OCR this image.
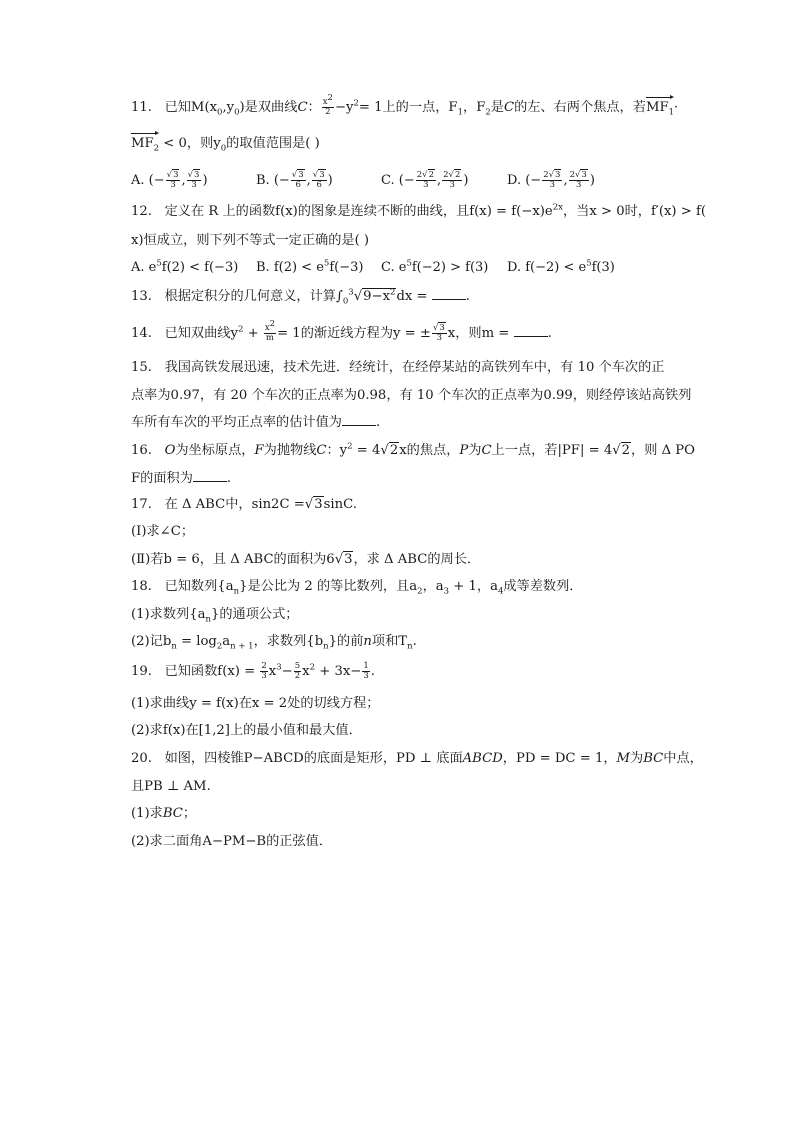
11. 已知$M(x_0,y_0)$是双曲线C： $\frac{x^2}{2} -y^2= 1$上的一点，$F_1$，$F_2$是C的左、右两个焦点，若$MF_1\cdot$
$MF_2 < 0$，则$y_0$的取值范围是( )
A. (− $\frac{√3}{3}$ , $\frac{√3}{3}$ )	B. (− $\frac{√3}{6}$ , $\frac{√3}{6}$ )	C. (− $\frac{2√2}{3}$ , $\frac{2√2}{3}$ )	D. (− $\frac{2√3}{3}$ , $\frac{2√3}{3}$ )
12. 定义在 R 上的函数f(x)的图象是连续不断的曲线，且$f(x) = f(-x)e^{2x}$，当x > 0时，f′(x) > f(
x)恒成立，则下列不等式一定正确的是( )
A. $e^5f(2) < f(-3)$ B. $f(2) < e^5f(-3)$ C. $e^5f(-2) > f(3)$ D. $f(-2) < e^5f(3)$
13. 根据定积分的几何意义，计算$\int_0^3√9-x^2dx$ =	.
14. 已知双曲线$y^2 + \frac{x^2}{m} = 1$的渐近线方程为y = ± $\frac{√3}{3}$ x，则m =	.
15. 我国高铁发展迅速，技术先进．经统计，在经停某站的高铁列车中，有 10 个车次的正
点率为0.97，有 20 个车次的正点率为0.98，有 10 个车次的正点率为0.99，则经停该站高铁列
车所有车次的平均正点率的估计值为	.
16. O为坐标原点，F为抛物线C：$y^2 = 4√2x$的焦点，P为C上一点，若|PF| = 4√2，则 Δ PO
F的面积为	.
17. 在 Δ ABC中，sin2C =√3sinC.
(Ⅰ)求∠C；
(Ⅱ)若b = 6，且 Δ ABC的面积为6√3，求 Δ ABC的周长．
18. 已知数列$\{a_n\}$是公比为 2 的等比数列，且$a_2$，$a_3 + 1$，$a_4$成等差数列．
(1)求数列$\{a_n\}$的通项公式；
(2)记$b_n = \log_2a_{n + 1}$，求数列$\{b_n\}$的前n项和$T_n$.
19. 已知函数$f(x) = \frac{2}{3} x^3- \frac{5}{2} x^2 + 3x- \frac{1}{3}$ .
(1)求曲线y = f(x)在x = 2处的切线方程；
(2)求f(x)在[1,2]上的最小值和最大值．
20. 如图，四棱锥P−ABCD的底面是矩形，PD ⊥ 底面ABCD，PD = DC = 1，M为BC中点，
且PB ⊥ AM.
(1)求BC；
(2)求二面角A−PM−B的正弦值．
